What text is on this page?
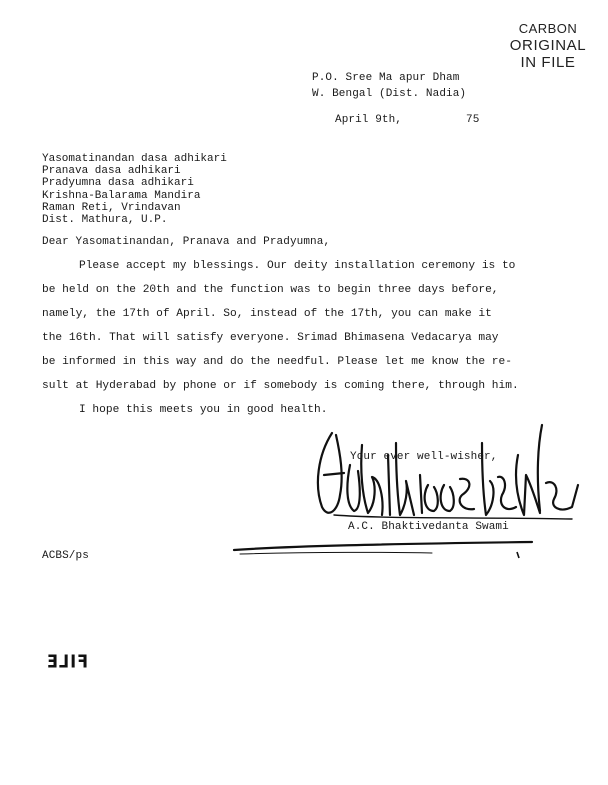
CARBON
ORIGINAL
IN FILE
P.O. Sree Ma apur Dham
W. Bengal (Dist. Nadia)
April 9th,	75
Yasomatinandan dasa adhikari
Pranava dasa adhikari
Pradyumna dasa adhikari
Krishna-Balarama Mandira
Raman Reti, Vrindavan
Dist. Mathura, U.P.
Dear Yasomatinandan, Pranava and Pradyumna,
Please accept my blessings. Our deity installation ceremony is to
be held on the 20th and the function was to begin three days before,
namely, the 17th of April. So, instead of the 17th, you can make it
the 16th. That will satisfy everyone. Srimad Bhimasena Vedacarya may
be informed in this way and do the needful. Please let me know the re-
sult at Hyderabad by phone or if somebody is coming there, through him.
I hope this meets you in good health.
Your ever well-wisher,
A.C. Bhaktivedanta Swami
ACBS/ps
FILE
